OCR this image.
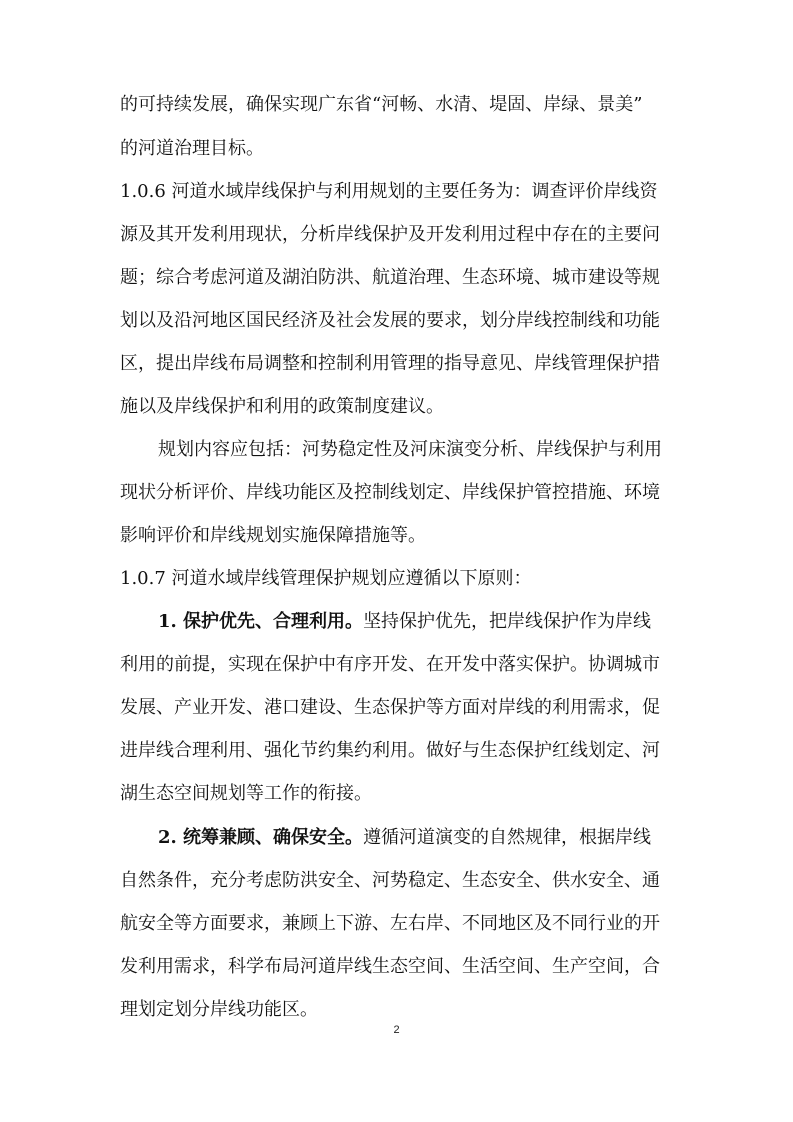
的可持续发展，确保实现广东省“河畅、水清、堤固、岸绿、景美”
的河道治理目标。
1.0.6 河道水域岸线保护与利用规划的主要任务为：调查评价岸线资
源及其开发利用现状，分析岸线保护及开发利用过程中存在的主要问
题；综合考虑河道及湖泊防洪、航道治理、生态环境、城市建设等规
划以及沿河地区国民经济及社会发展的要求，划分岸线控制线和功能
区，提出岸线布局调整和控制利用管理的指导意见、岸线管理保护措
施以及岸线保护和利用的政策制度建议。
规划内容应包括：河势稳定性及河床演变分析、岸线保护与利用
现状分析评价、岸线功能区及控制线划定、岸线保护管控措施、环境
影响评价和岸线规划实施保障措施等。
1.0.7 河道水域岸线管理保护规划应遵循以下原则：
1. 保护优先、合理利用。坚持保护优先，把岸线保护作为岸线
利用的前提，实现在保护中有序开发、在开发中落实保护。协调城市
发展、产业开发、港口建设、生态保护等方面对岸线的利用需求，促
进岸线合理利用、强化节约集约利用。做好与生态保护红线划定、河
湖生态空间规划等工作的衔接。
2. 统筹兼顾、确保安全。遵循河道演变的自然规律，根据岸线
自然条件，充分考虑防洪安全、河势稳定、生态安全、供水安全、通
航安全等方面要求，兼顾上下游、左右岸、不同地区及不同行业的开
发利用需求，科学布局河道岸线生态空间、生活空间、生产空间，合
理划定划分岸线功能区。
2
